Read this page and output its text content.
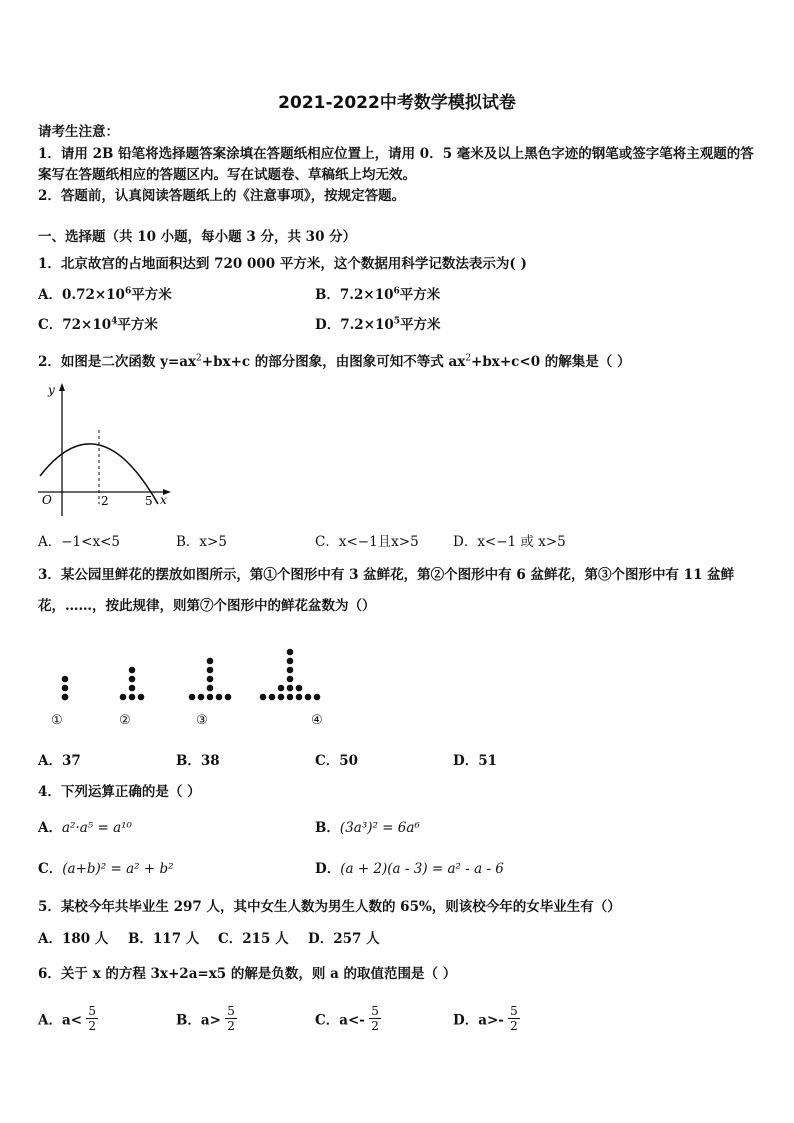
2021-2022中考数学模拟试卷
请考生注意：
1．请用 2B 铅笔将选择题答案涂填在答题纸相应位置上，请用 0．5 毫米及以上黑色字迹的钢笔或签字笔将主观题的答
案写在答题纸相应的答题区内。写在试题卷、草稿纸上均无效。
2．答题前，认真阅读答题纸上的《注意事项》，按规定答题。
一、选择题（共 10 小题，每小题 3 分，共 30 分）
1．北京故宫的占地面积达到 720 000 平方米，这个数据用科学记数法表示为( )
A．$0.72\times 10^6$平方米	B．$7.2\times 10^6$平方米
C．$72\times 10^4$平方米	D．$7.2\times 10^5$平方米
2．如图是二次函数 $y=ax^2+bx+c$ 的部分图象，由图象可知不等式 $ax^2+bx+c<0$ 的解集是（ ）
y
x
O	2	5
A．−1<x<5	B．x>5	C．x<−1且x>5	D．x<−1 或 x>5
3．某公园里鲜花的摆放如图所示，第①个图形中有 3 盆鲜花，第②个图形中有 6 盆鲜花，第③个图形中有 11 盆鲜
花，……，按此规律，则第⑦个图形中的鲜花盆数为（）
①	②	③	④
A．37	B．38	C．50	D．51
4．下列运算正确的是（ ）
A．a²·a⁵ = a¹⁰	B．(3a³)² = 6a⁶
C．(a+b)² = a² + b²	D．(a + 2)(a - 3) = a² - a - 6
5．某校今年共毕业生 297 人，其中女生人数为男生人数的 65%，则该校今年的女毕业生有（）
A．180 人 B．117 人 C．215 人 D．257 人
6．关于 x 的方程 3x+2a=x5 的解是负数，则 a 的取值范围是（ ）
A．$a< \frac{5}{2}$	B．$a> \frac{5}{2}$	C．$a<- \frac{5}{2}$	D．$a>- \frac{5}{2}$
